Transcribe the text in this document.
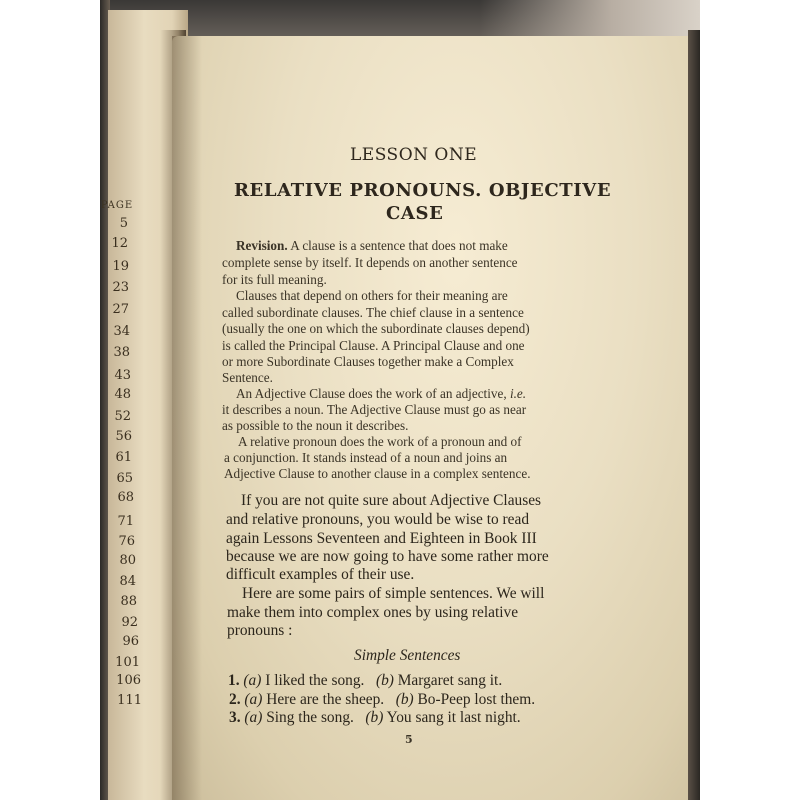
PAGE
5
12
19
23
27
34
38
43
48
52
56
61
65
68
71
76
80
84
88
92
96
101
106
111
LESSON ONE
RELATIVE PRONOUNS. OBJECTIVE
CASE
Revision. A clause is a sentence that does not make
complete sense by itself. It depends on another sentence
for its full meaning.
Clauses that depend on others for their meaning are
called subordinate clauses. The chief clause in a sentence
(usually the one on which the subordinate clauses depend)
is called the Principal Clause. A Principal Clause and one
or more Subordinate Clauses together make a Complex
Sentence.
An Adjective Clause does the work of an adjective, i.e.
it describes a noun. The Adjective Clause must go as near
as possible to the noun it describes.
A relative pronoun does the work of a pronoun and of
a conjunction. It stands instead of a noun and joins an
Adjective Clause to another clause in a complex sentence.
If you are not quite sure about Adjective Clauses
and relative pronouns, you would be wise to read
again Lessons Seventeen and Eighteen in Book III
because we are now going to have some rather more
difficult examples of their use.
Here are some pairs of simple sentences. We will
make them into complex ones by using relative
pronouns :
Simple Sentences
1. (a) I liked the song. (b) Margaret sang it.
2. (a) Here are the sheep. (b) Bo-Peep lost them.
3. (a) Sing the song. (b) You sang it last night.
5
